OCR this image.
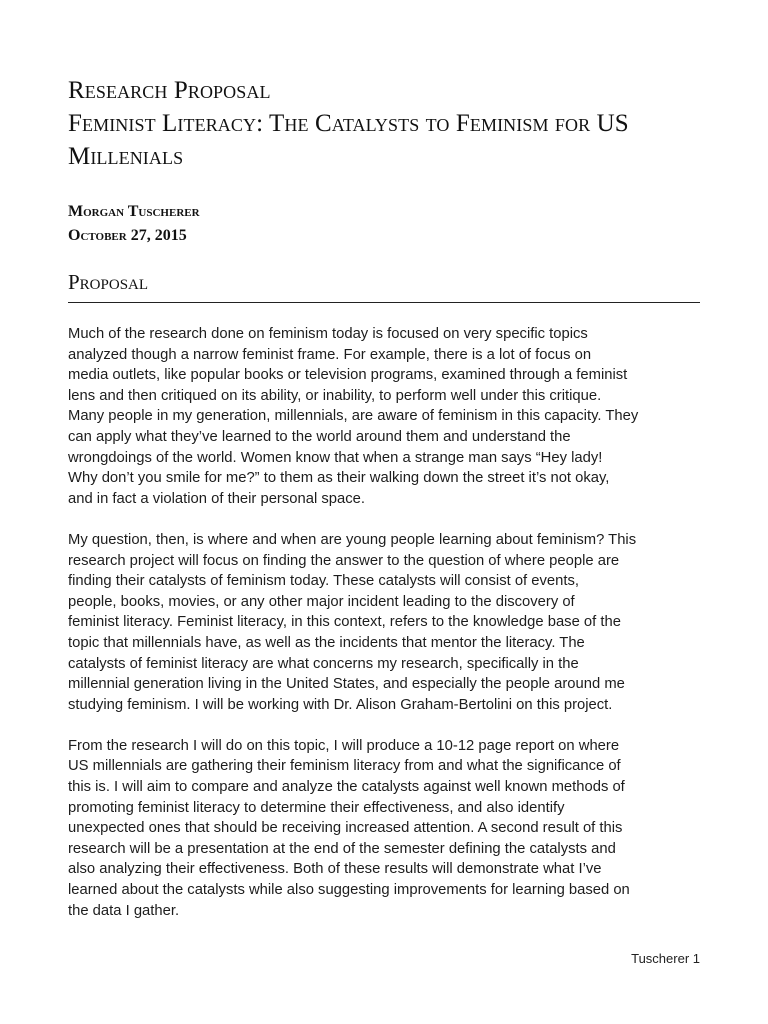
Research Proposal
Feminist Literacy: The Catalysts to Feminism for US
Millenials
Morgan Tuscherer
October 27, 2015
Proposal
Much of the research done on feminism today is focused on very specific topics
analyzed though a narrow feminist frame. For example, there is a lot of focus on
media outlets, like popular books or television programs, examined through a feminist
lens and then critiqued on its ability, or inability, to perform well under this critique.
Many people in my generation, millennials, are aware of feminism in this capacity. They
can apply what they’ve learned to the world around them and understand the
wrongdoings of the world. Women know that when a strange man says “Hey lady!
Why don’t you smile for me?” to them as their walking down the street it’s not okay,
and in fact a violation of their personal space.
My question, then, is where and when are young people learning about feminism? This
research project will focus on finding the answer to the question of where people are
finding their catalysts of feminism today. These catalysts will consist of events,
people, books, movies, or any other major incident leading to the discovery of
feminist literacy. Feminist literacy, in this context, refers to the knowledge base of the
topic that millennials have, as well as the incidents that mentor the literacy. The
catalysts of feminist literacy are what concerns my research, specifically in the
millennial generation living in the United States, and especially the people around me
studying feminism. I will be working with Dr. Alison Graham-Bertolini on this project.
From the research I will do on this topic, I will produce a 10-12 page report on where
US millennials are gathering their feminism literacy from and what the significance of
this is. I will aim to compare and analyze the catalysts against well known methods of
promoting feminist literacy to determine their effectiveness, and also identify
unexpected ones that should be receiving increased attention. A second result of this
research will be a presentation at the end of the semester defining the catalysts and
also analyzing their effectiveness. Both of these results will demonstrate what I’ve
learned about the catalysts while also suggesting improvements for learning based on
the data I gather.
Tuscherer 1
